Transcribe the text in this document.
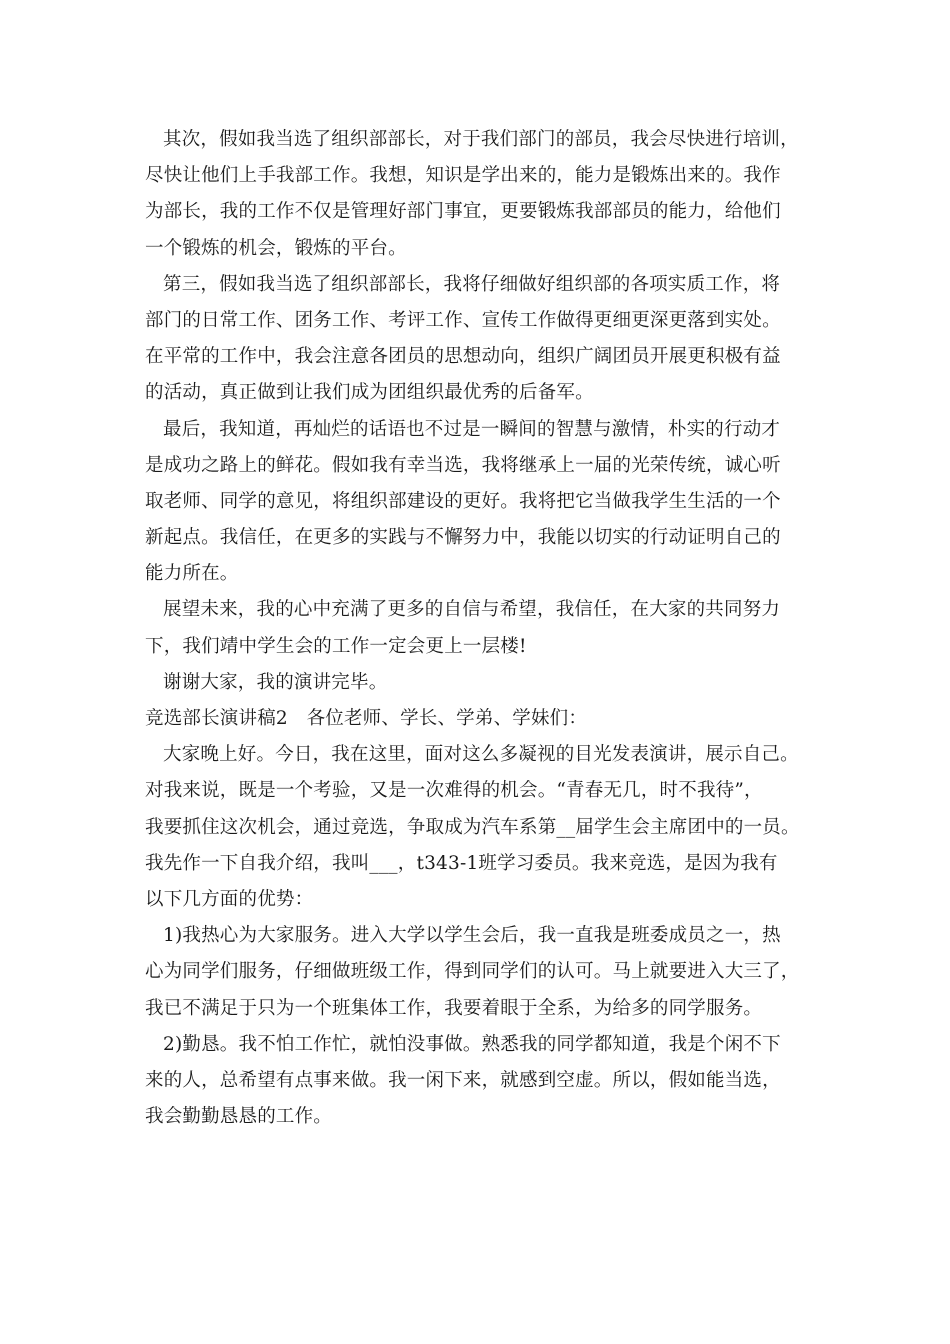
其次，假如我当选了组织部部长，对于我们部门的部员，我会尽快进行培训，
尽快让他们上手我部工作。我想，知识是学出来的，能力是锻炼出来的。我作
为部长，我的工作不仅是管理好部门事宜，更要锻炼我部部员的能力，给他们
一个锻炼的机会，锻炼的平台。
第三，假如我当选了组织部部长，我将仔细做好组织部的各项实质工作，将
部门的日常工作、团务工作、考评工作、宣传工作做得更细更深更落到实处。
在平常的工作中，我会注意各团员的思想动向，组织广阔团员开展更积极有益
的活动，真正做到让我们成为团组织最优秀的后备军。
最后，我知道，再灿烂的话语也不过是一瞬间的智慧与激情，朴实的行动才
是成功之路上的鲜花。假如我有幸当选，我将继承上一届的光荣传统，诚心听
取老师、同学的意见，将组织部建设的更好。我将把它当做我学生生活的一个
新起点。我信任，在更多的实践与不懈努力中，我能以切实的行动证明自己的
能力所在。
展望未来，我的心中充满了更多的自信与希望，我信任，在大家的共同努力
下，我们靖中学生会的工作一定会更上一层楼!
谢谢大家，我的演讲完毕。
竞选部长演讲稿2　各位老师、学长、学弟、学妹们：
大家晚上好。今日，我在这里，面对这么多凝视的目光发表演讲，展示自己。
对我来说，既是一个考验，又是一次难得的机会。“青春无几，时不我待”，
我要抓住这次机会，通过竞选，争取成为汽车系第__届学生会主席团中的一员。
我先作一下自我介绍，我叫___，t343-1班学习委员。我来竞选，是因为我有
以下几方面的优势：
1)我热心为大家服务。进入大学以学生会后，我一直我是班委成员之一，热
心为同学们服务，仔细做班级工作，得到同学们的认可。马上就要进入大三了，
我已不满足于只为一个班集体工作，我要着眼于全系，为给多的同学服务。
2)勤恳。我不怕工作忙，就怕没事做。熟悉我的同学都知道，我是个闲不下
来的人，总希望有点事来做。我一闲下来，就感到空虚。所以，假如能当选，
我会勤勤恳恳的工作。
